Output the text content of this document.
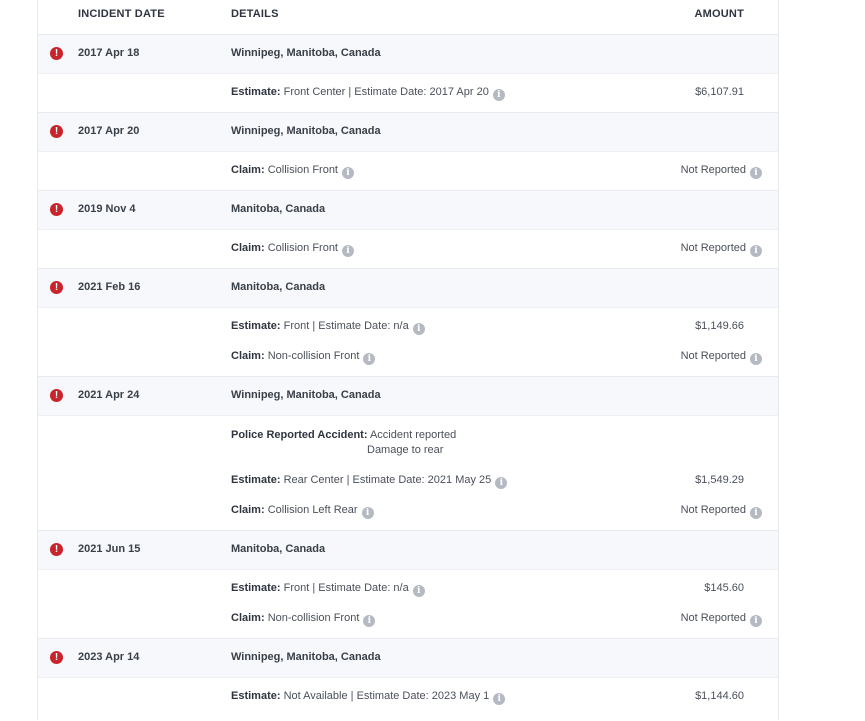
INCIDENT DATE	DETAILS	AMOUNT
!	2017 Apr 18	Winnipeg, Manitoba, Canada
Estimate: Front Center | Estimate Date: 2017 Apr 20 i	$6,107.91
!	2017 Apr 20	Winnipeg, Manitoba, Canada
Claim: Collision Front i	Not Reported i
!	2019 Nov 4	Manitoba, Canada
Claim: Collision Front i	Not Reported i
!	2021 Feb 16	Manitoba, Canada
Estimate: Front | Estimate Date: n/a i	$1,149.66
Claim: Non-collision Front i	Not Reported i
!	2021 Apr 24	Winnipeg, Manitoba, Canada
Police Reported Accident: Accident reported
Damage to rear
Estimate: Rear Center | Estimate Date: 2021 May 25 i	$1,549.29
Claim: Collision Left Rear i	Not Reported i
!	2021 Jun 15	Manitoba, Canada
Estimate: Front | Estimate Date: n/a i	$145.60
Claim: Non-collision Front i	Not Reported i
!	2023 Apr 14	Winnipeg, Manitoba, Canada
Estimate: Not Available | Estimate Date: 2023 May 1 i	$1,144.60
